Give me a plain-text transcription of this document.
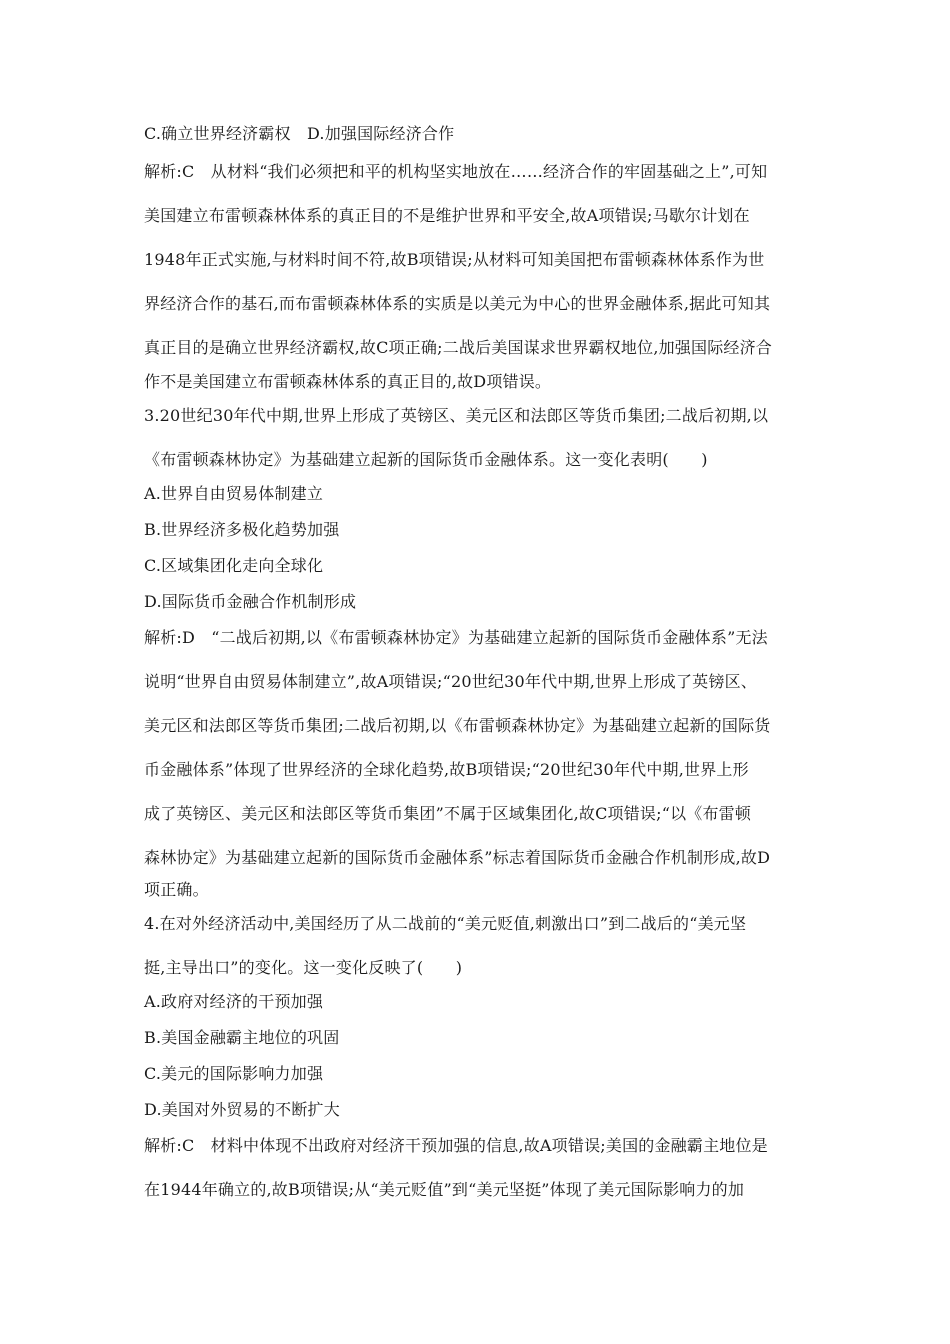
C.确立世界经济霸权　D.加强国际经济合作
解析:C　从材料“我们必须把和平的机构坚实地放在……经济合作的牢固基础之上”,可知
美国建立布雷顿森林体系的真正目的不是维护世界和平安全,故A项错误;马歇尔计划在
1948年正式实施,与材料时间不符,故B项错误;从材料可知美国把布雷顿森林体系作为世
界经济合作的基石,而布雷顿森林体系的实质是以美元为中心的世界金融体系,据此可知其
真正目的是确立世界经济霸权,故C项正确;二战后美国谋求世界霸权地位,加强国际经济合
作不是美国建立布雷顿森林体系的真正目的,故D项错误。
3.20世纪30年代中期,世界上形成了英镑区、美元区和法郎区等货币集团;二战后初期,以
《布雷顿森林协定》为基础建立起新的国际货币金融体系。这一变化表明(　　)
A.世界自由贸易体制建立
B.世界经济多极化趋势加强
C.区域集团化走向全球化
D.国际货币金融合作机制形成
解析:D　“二战后初期,以《布雷顿森林协定》为基础建立起新的国际货币金融体系”无法
说明“世界自由贸易体制建立”,故A项错误;“20世纪30年代中期,世界上形成了英镑区、
美元区和法郎区等货币集团;二战后初期,以《布雷顿森林协定》为基础建立起新的国际货
币金融体系”体现了世界经济的全球化趋势,故B项错误;“20世纪30年代中期,世界上形
成了英镑区、美元区和法郎区等货币集团”不属于区域集团化,故C项错误;“以《布雷顿
森林协定》为基础建立起新的国际货币金融体系”标志着国际货币金融合作机制形成,故D
项正确。
4.在对外经济活动中,美国经历了从二战前的“美元贬值,刺激出口”到二战后的“美元坚
挺,主导出口”的变化。这一变化反映了(　　)
A.政府对经济的干预加强
B.美国金融霸主地位的巩固
C.美元的国际影响力加强
D.美国对外贸易的不断扩大
解析:C　材料中体现不出政府对经济干预加强的信息,故A项错误;美国的金融霸主地位是
在1944年确立的,故B项错误;从“美元贬值”到“美元坚挺”体现了美元国际影响力的加
